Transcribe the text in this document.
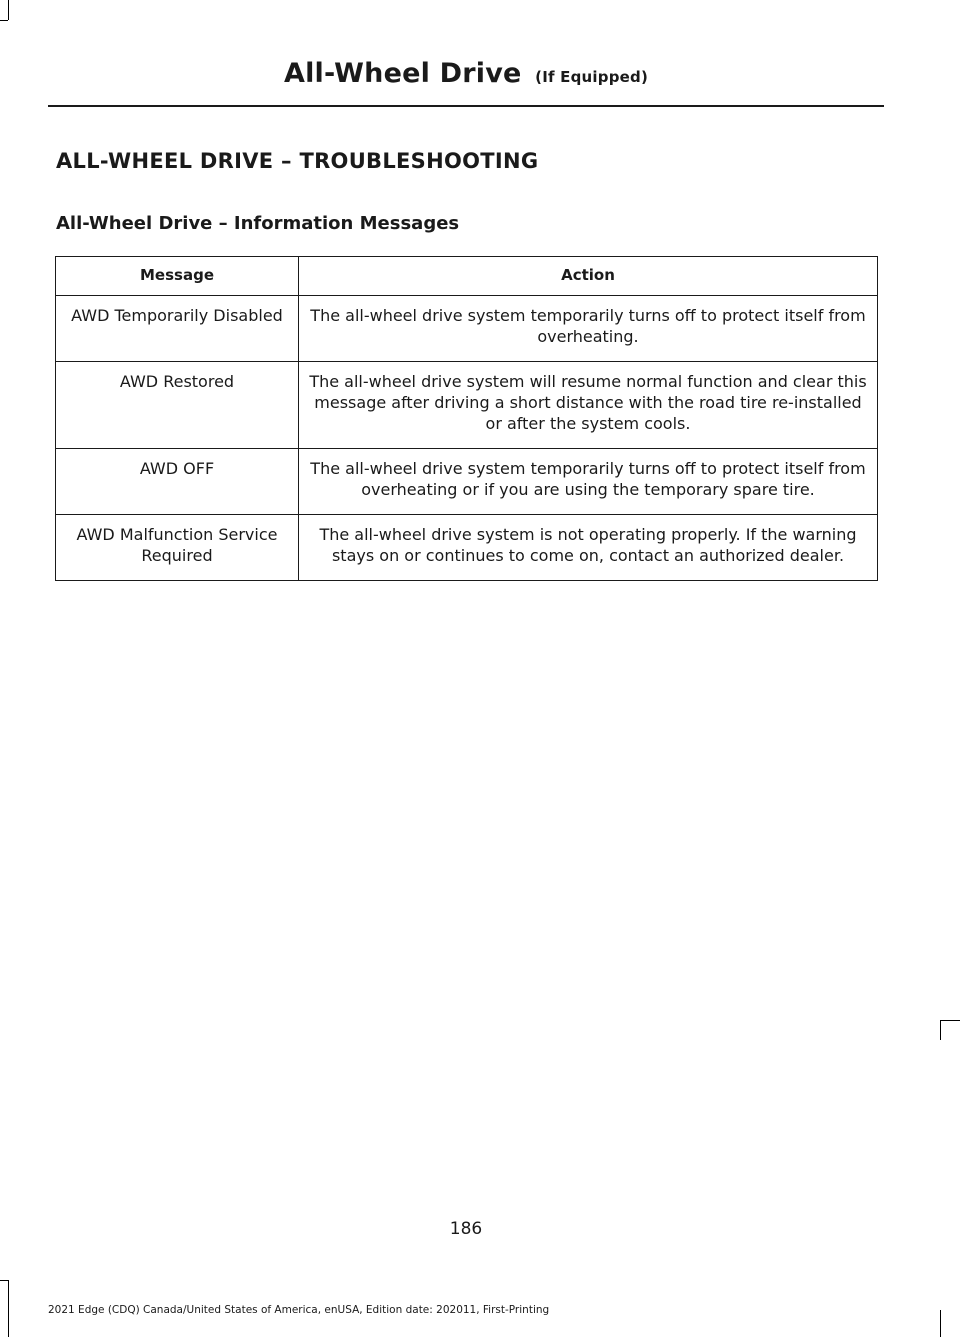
All-Wheel Drive (If Equipped)
ALL-WHEEL DRIVE – TROUBLESHOOTING
All-Wheel Drive – Information Messages
Message	Action
AWD Temporarily Disabled	The all-wheel drive system temporarily turns off to protect itself from overheating.
AWD Restored	The all-wheel drive system will resume normal function and clear this message after driving a short distance with the road tire re-installed or after the system cools.
AWD OFF	The all-wheel drive system temporarily turns off to protect itself from overheating or if you are using the temporary spare tire.
AWD Malfunction Service Required	The all-wheel drive system is not operating properly. If the warning stays on or continues to come on, contact an authorized dealer.
186
2021 Edge (CDQ) Canada/United States of America, enUSA, Edition date: 202011, First-Printing
